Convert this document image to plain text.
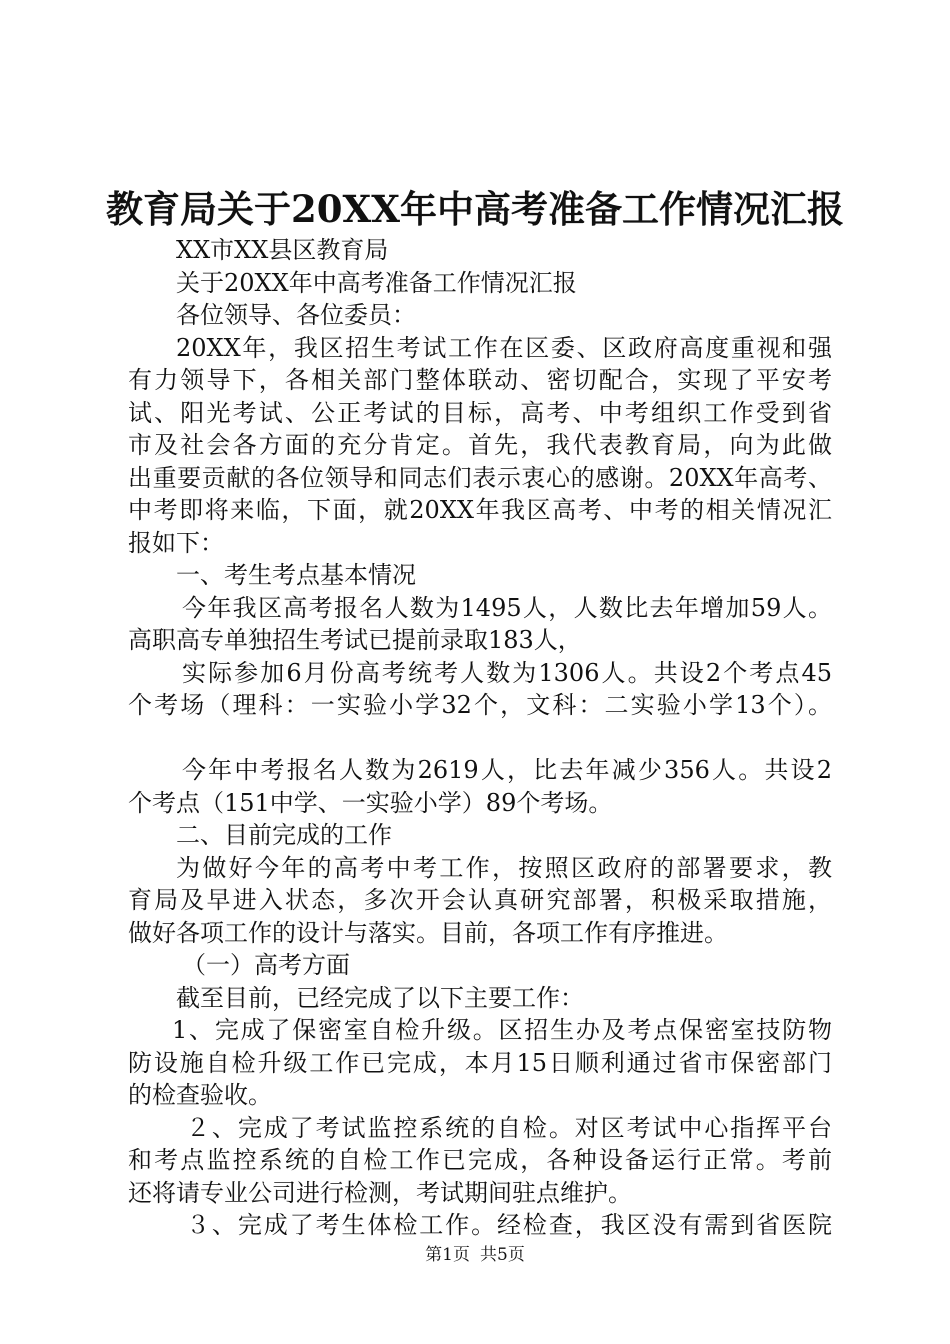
教育局关于20XX年中高考准备工作情况汇报
XX市XX县区教育局
关于20XX年中高考准备工作情况汇报
各位领导、各位委员：
20XX年，我区招生考试工作在区委、区政府高度重视和强
有力领导下，各相关部门整体联动、密切配合，实现了平安考
试、阳光考试、公正考试的目标，高考、中考组织工作受到省
市及社会各方面的充分肯定。首先，我代表教育局，向为此做
出重要贡献的各位领导和同志们表示衷心的感谢。20XX年高考、
中考即将来临，下面，就20XX年我区高考、中考的相关情况汇
报如下：
一、考生考点基本情况
今年我区高考报名人数为1495人，人数比去年增加59人。
高职高专单独招生考试已提前录取183人，
实际参加6月份高考统考人数为1306人。共设2个考点45
个考场（理科：一实验小学32个，文科：二实验小学13个）。
今年中考报名人数为2619人，比去年减少356人。共设2
个考点（151中学、一实验小学）89个考场。
二、目前完成的工作
为做好今年的高考中考工作，按照区政府的部署要求，教
育局及早进入状态，多次开会认真研究部署，积极采取措施，
做好各项工作的设计与落实。目前，各项工作有序推进。
（一）高考方面
截至目前，已经完成了以下主要工作：
1、完成了保密室自检升级。区招生办及考点保密室技防物
防设施自检升级工作已完成，本月15日顺利通过省市保密部门
的检查验收。
２、完成了考试监控系统的自检。对区考试中心指挥平台
和考点监控系统的自检工作已完成，各种设备运行正常。考前
还将请专业公司进行检测，考试期间驻点维护。
３、完成了考生体检工作。经检查，我区没有需到省医院
第1页 共5页
